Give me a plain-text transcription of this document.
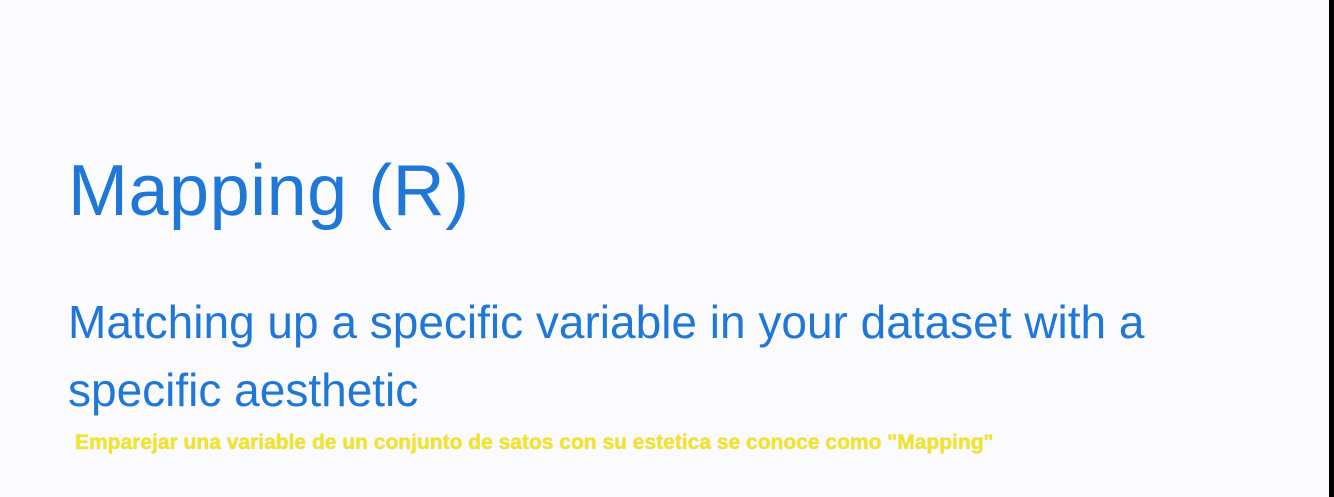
Mapping (R)

Matching up a specific variable in your dataset with a specific aesthetic

Emparejar una variable de un conjunto de satos con su estetica se conoce como "Mapping"
